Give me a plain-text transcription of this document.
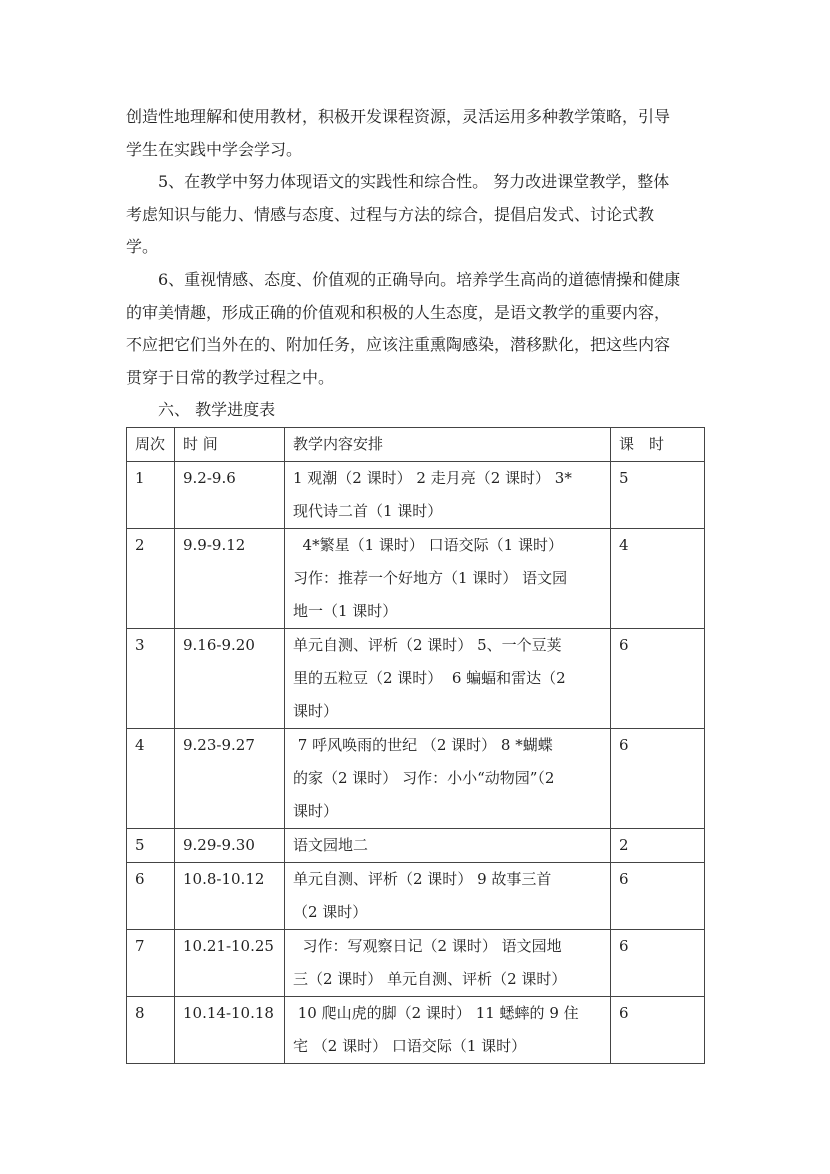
创造性地理解和使用教材，积极开发课程资源，灵活运用多种教学策略，引导
学生在实践中学会学习。
　　5、在教学中努力体现语文的实践性和综合性。 努力改进课堂教学，整体
考虑知识与能力、情感与态度、过程与方法的综合，提倡启发式、讨论式教
学。
　　6、重视情感、态度、价值观的正确导向。培养学生高尚的道德情操和健康
的审美情趣，形成正确的价值观和积极的人生态度，是语文教学的重要内容，
不应把它们当外在的、附加任务，应该注重熏陶感染，潜移默化，把这些内容
贯穿于日常的教学过程之中。
　　六、 教学进度表
周次	时 间	教学内容安排	课　时

1	9.2-9.6	1 观潮（2 课时） 2 走月亮（2 课时） 3*
现代诗二首（1 课时）	5

2	9.9-9.12	4*繁星（1 课时） 口语交际（1 课时）
习作：推荐一个好地方（1 课时） 语文园
地一（1 课时）	4

3	9.16-9.20	单元自测、评析（2 课时） 5、一个豆荚
里的五粒豆（2 课时）  6 蝙蝠和雷达（2
课时）	6

4	9.23-9.27	7 呼风唤雨的世纪 （2 课时） 8 *蝴蝶
的家（2 课时） 习作：小小“动物园”（2
课时）	6

5	9.29-9.30	语文园地二	2

6	10.8-10.12	单元自测、评析（2 课时） 9 故事三首
（2 课时）	6

7	10.21-10.25	习作：写观察日记（2 课时） 语文园地
三（2 课时） 单元自测、评析（2 课时）	6

8	10.14-10.18	10 爬山虎的脚（2 课时） 11 蟋蟀的 9 住
宅 （2 课时） 口语交际（1 课时）	6
